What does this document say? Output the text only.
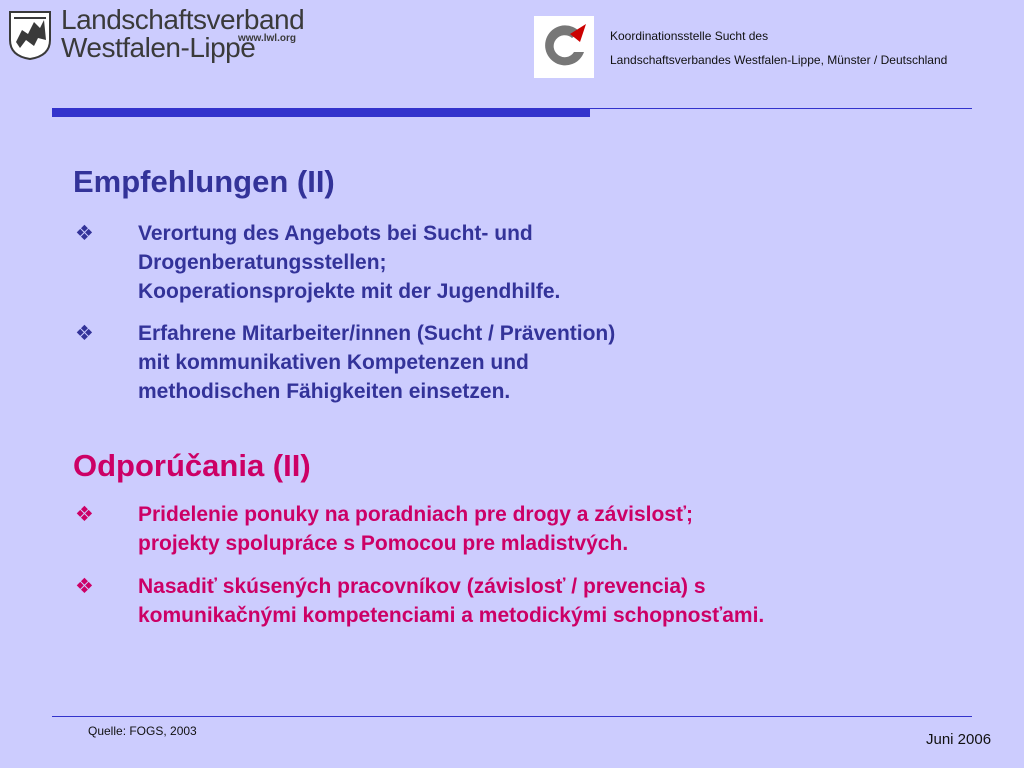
Landschaftsverband
Westfalen-Lippe
www.lwl.org	Koordinationsstelle Sucht des
Landschaftsverbandes Westfalen-Lippe, Münster / Deutschland
Empfehlungen (II)
❖	Verortung des Angebots bei Sucht- und
Drogenberatungsstellen;
Kooperationsprojekte mit der Jugendhilfe.
❖	Erfahrene Mitarbeiter/innen (Sucht / Prävention)
mit kommunikativen Kompetenzen und
methodischen Fähigkeiten einsetzen.
Odporúčania (II)
❖	Pridelenie ponuky na poradniach pre drogy a závislosť;
projekty spolupráce s Pomocou pre mladistvých.
❖	Nasadiť skúsených pracovníkov (závislosť / prevencia) s
komunikačnými kompetenciami a metodickými schopnosťami.
Quelle: FOGS, 2003	Juni 2006
